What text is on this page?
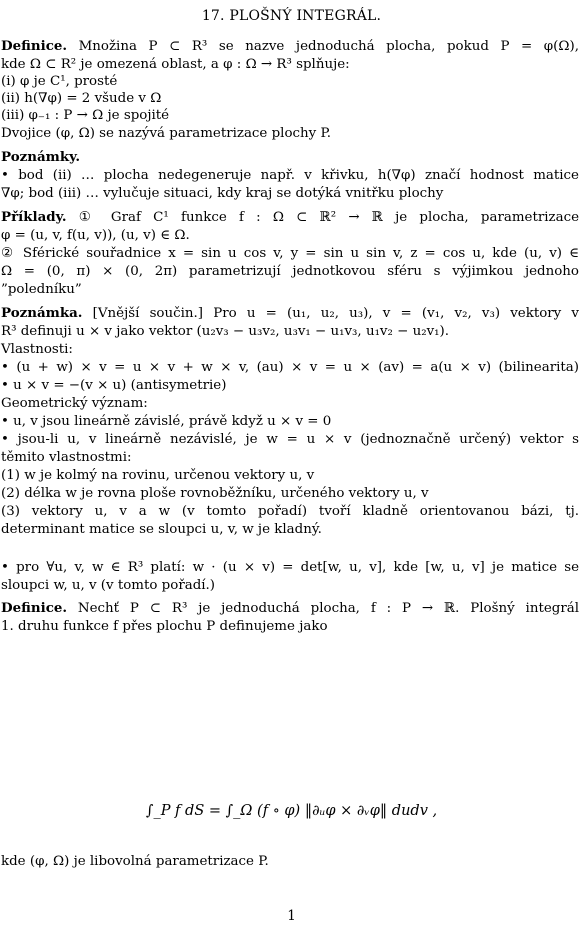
17. PLOŠNÝ INTEGRÁL.
Definice. Množina P ⊂ R³ se nazve jednoduchá plocha, pokud P = φ(Ω),
kde Ω ⊂ R² je omezená oblast, a φ : Ω → R³ splňuje:
(i) φ je C¹, prosté
(ii) h(∇φ) = 2 všude v Ω
(iii) φ₋₁ : P → Ω je spojité
Dvojice (φ, Ω) se nazývá parametrizace plochy P.
Poznámky.
• bod (ii) … plocha nedegeneruje např. v křivku, h(∇φ) značí hodnost matice
∇φ; bod (iii) … vylučuje situaci, kdy kraj se dotýká vnitřku plochy
Příklady. ① Graf C¹ funkce f : Ω ⊂ ℝ² → ℝ je plocha, parametrizace
φ = (u, v, f(u, v)), (u, v) ∈ Ω.
② Sférické souřadnice x = sin u cos v, y = sin u sin v, z = cos u, kde (u, v) ∈
Ω = (0, π) × (0, 2π) parametrizují jednotkovou sféru s výjimkou jednoho
”poledníku”
Poznámka. [Vnější součin.] Pro u = (u₁, u₂, u₃), v = (v₁, v₂, v₃) vektory v
R³ definuji u × v jako vektor (u₂v₃ − u₃v₂, u₃v₁ − u₁v₃, u₁v₂ − u₂v₁).
Vlastnosti:
• (u + w) × v = u × v + w × v, (au) × v = u × (av) = a(u × v) (bilinearita)
• u × v = −(v × u) (antisymetrie)
Geometrický význam:
• u, v jsou lineárně závislé, právě když u × v = 0
• jsou-li u, v lineárně nezávislé, je w = u × v (jednoznačně určený) vektor s
těmito vlastnostmi:
(1) w je kolmý na rovinu, určenou vektory u, v
(2) délka w je rovna ploše rovnoběžníku, určeného vektory u, v
(3) vektory u, v a w (v tomto pořadí) tvoří kladně orientovanou bázi, tj.
determinant matice se sloupci u, v, w je kladný.
• pro ∀u, v, w ∈ R³ platí: w · (u × v) = det[w, u, v], kde [w, u, v] je matice se
sloupci w, u, v (v tomto pořadí.)
Definice. Nechť P ⊂ R³ je jednoduchá plocha, f : P → ℝ. Plošný integrál
1. druhu funkce f přes plochu P definujeme jako
kde (φ, Ω) je libovolná parametrizace P.
∫_P f dS = ∫_Ω (f ∘ φ) ‖∂ᵤφ × ∂ᵥφ‖ dudv ,
1
